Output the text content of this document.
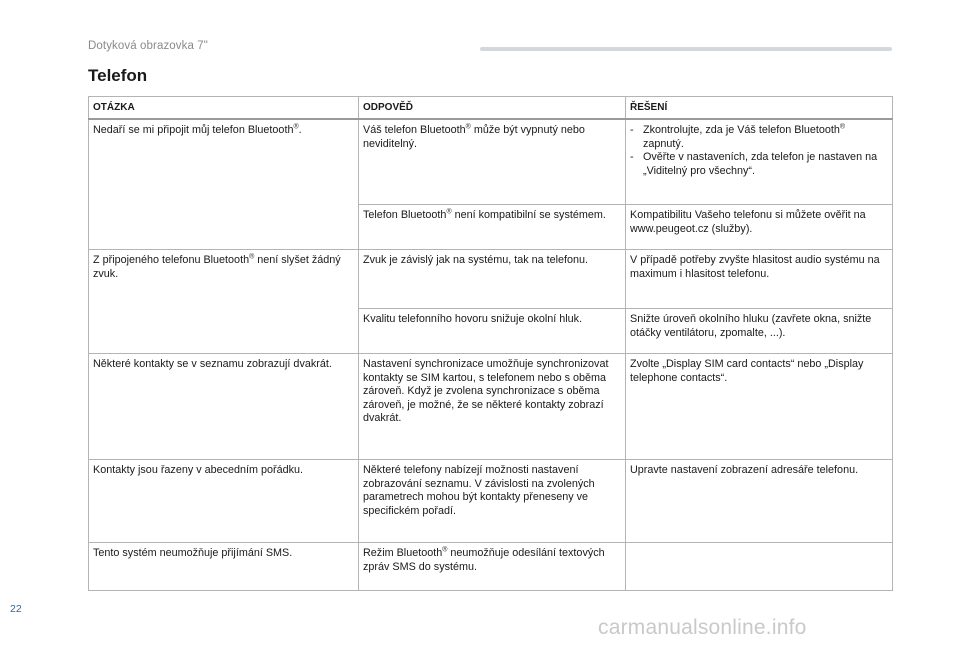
Dotyková obrazovka 7"
Telefon
OTÁZKA	ODPOVĚĎ	ŘEŠENÍ
Nedaří se mi připojit můj telefon Bluetooth®.	Váš telefon Bluetooth® může být vypnutý nebo neviditelný.	- Zkontrolujte, zda je Váš telefon Bluetooth® zapnutý.
- Ověřte v nastaveních, zda telefon je nastaven na „Viditelný pro všechny“.

	Telefon Bluetooth® není kompatibilní se systémem.	Kompatibilitu Vašeho telefonu si můžete ověřit na www.peugeot.cz (služby).
Z připojeného telefonu Bluetooth® není slyšet žádný zvuk.	Zvuk je závislý jak na systému, tak na telefonu.	V případě potřeby zvyšte hlasitost audio systému na maximum i hlasitost telefonu.
	Kvalitu telefonního hovoru snižuje okolní hluk.	Snižte úroveň okolního hluku (zavřete okna, snižte otáčky ventilátoru, zpomalte, ...).
Některé kontakty se v seznamu zobrazují dvakrát.	Nastavení synchronizace umožňuje synchronizovat kontakty se SIM kartou, s telefonem nebo s oběma zároveň. Když je zvolena synchronizace s oběma zároveň, je možné, že se některé kontakty zobrazí dvakrát.	Zvolte „Display SIM card contacts“ nebo „Display telephone contacts“.
Kontakty jsou řazeny v abecedním pořádku.	Některé telefony nabízejí možnosti nastavení zobrazování seznamu. V závislosti na zvolených parametrech mohou být kontakty přeneseny ve specifickém pořadí.	Upravte nastavení zobrazení adresáře telefonu.
Tento systém neumožňuje přijímání SMS.	Režim Bluetooth® neumožňuje odesílání textových zpráv SMS do systému.	
22
carmanualsonline.info
